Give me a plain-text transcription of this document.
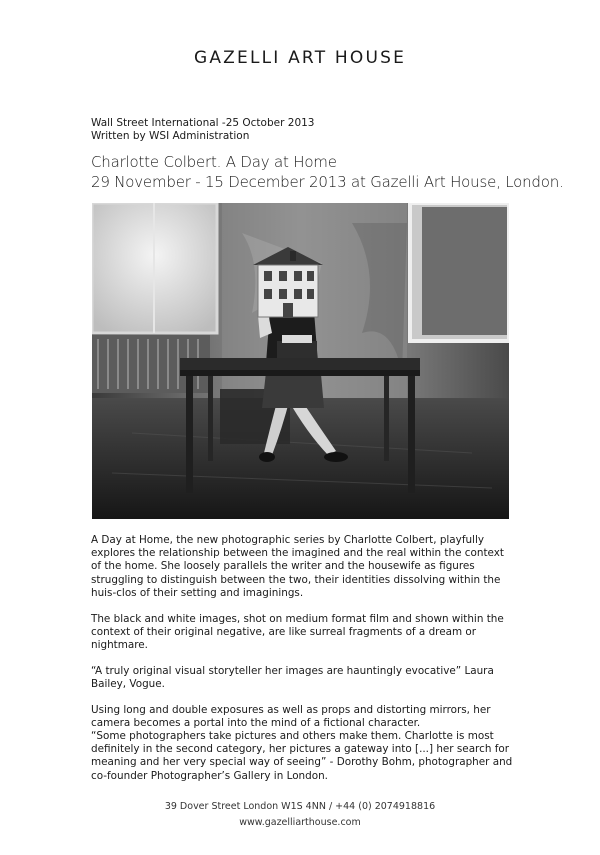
GAZELLI ART HOUSE
Wall Street International -25 October 2013
Written by WSI Administration
Charlotte Colbert. A Day at Home
29 November - 15 December 2013 at Gazelli Art House, London.

A Day at Home, the new photographic series by Charlotte Colbert, playfully explores the relationship between the imagined and the real within the context of the home. She loosely parallels the writer and the housewife as figures struggling to distinguish between the two, their identities dissolving within the huis-clos of their setting and imaginings.

The black and white images, shot on medium format film and shown within the context of their original negative, are like surreal fragments of a dream or nightmare.

“A truly original visual storyteller her images are hauntingly evocative” Laura Bailey, Vogue.

Using long and double exposures as well as props and distorting mirrors, her camera becomes a portal into the mind of a fictional character.

“Some photographers take pictures and others make them. Charlotte is most definitely in the second category, her pictures a gateway into [...] her search for meaning and her very special way of seeing” - Dorothy Bohm, photographer and co-founder Photographer’s Gallery in London.

39 Dover Street London W1S 4NN / +44 (0) 2074918816
www.gazelliarthouse.com
